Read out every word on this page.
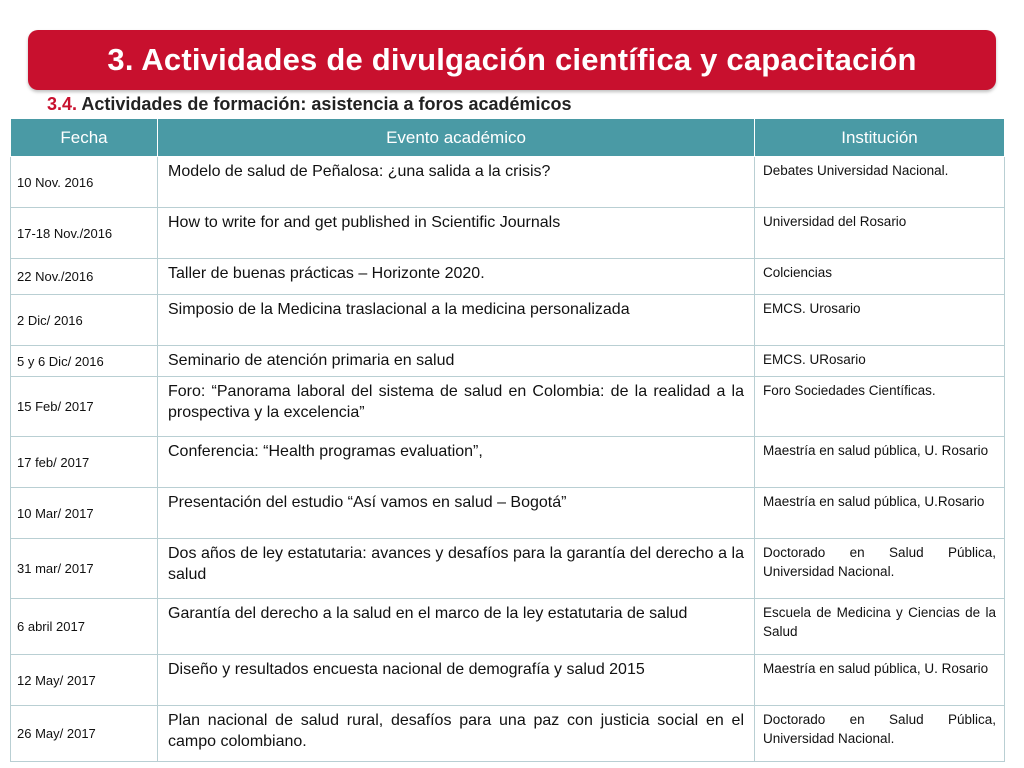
3. Actividades de divulgación científica y capacitación
3.4. Actividades de formación: asistencia a foros académicos
Fecha	Evento académico	Institución
10 Nov. 2016	Modelo de salud de Peñalosa: ¿una salida a la crisis?	Debates Universidad Nacional.
17-18 Nov./2016	How to write for and get published in Scientific Journals	Universidad del Rosario
22 Nov./2016	Taller de buenas prácticas – Horizonte 2020.	Colciencias
2 Dic/ 2016	Simposio de la Medicina traslacional a la medicina personalizada	EMCS. Urosario
5 y 6 Dic/ 2016	Seminario de atención primaria en salud	EMCS. URosario
15 Feb/ 2017	Foro: “Panorama laboral del sistema de salud en Colombia: de la realidad a la prospectiva y la excelencia”	Foro Sociedades Científicas.
17 feb/ 2017	Conferencia: “Health programas evaluation”,	Maestría en salud pública, U. Rosario
10 Mar/ 2017	Presentación del estudio “Así vamos en salud – Bogotá”	Maestría en salud pública, U.Rosario
31 mar/ 2017	Dos años de ley estatutaria: avances y desafíos para la garantía del derecho a la salud	Doctorado en Salud Pública, Universidad Nacional.
6 abril 2017	Garantía del derecho a la salud en el marco de la ley estatutaria de salud	Escuela de Medicina y Ciencias de la Salud
12 May/ 2017	Diseño y resultados encuesta nacional de demografía y salud 2015	Maestría en salud pública, U. Rosario
26 May/ 2017	Plan nacional de salud rural, desafíos para una paz con justicia social en el campo colombiano.	Doctorado en Salud Pública, Universidad Nacional.
